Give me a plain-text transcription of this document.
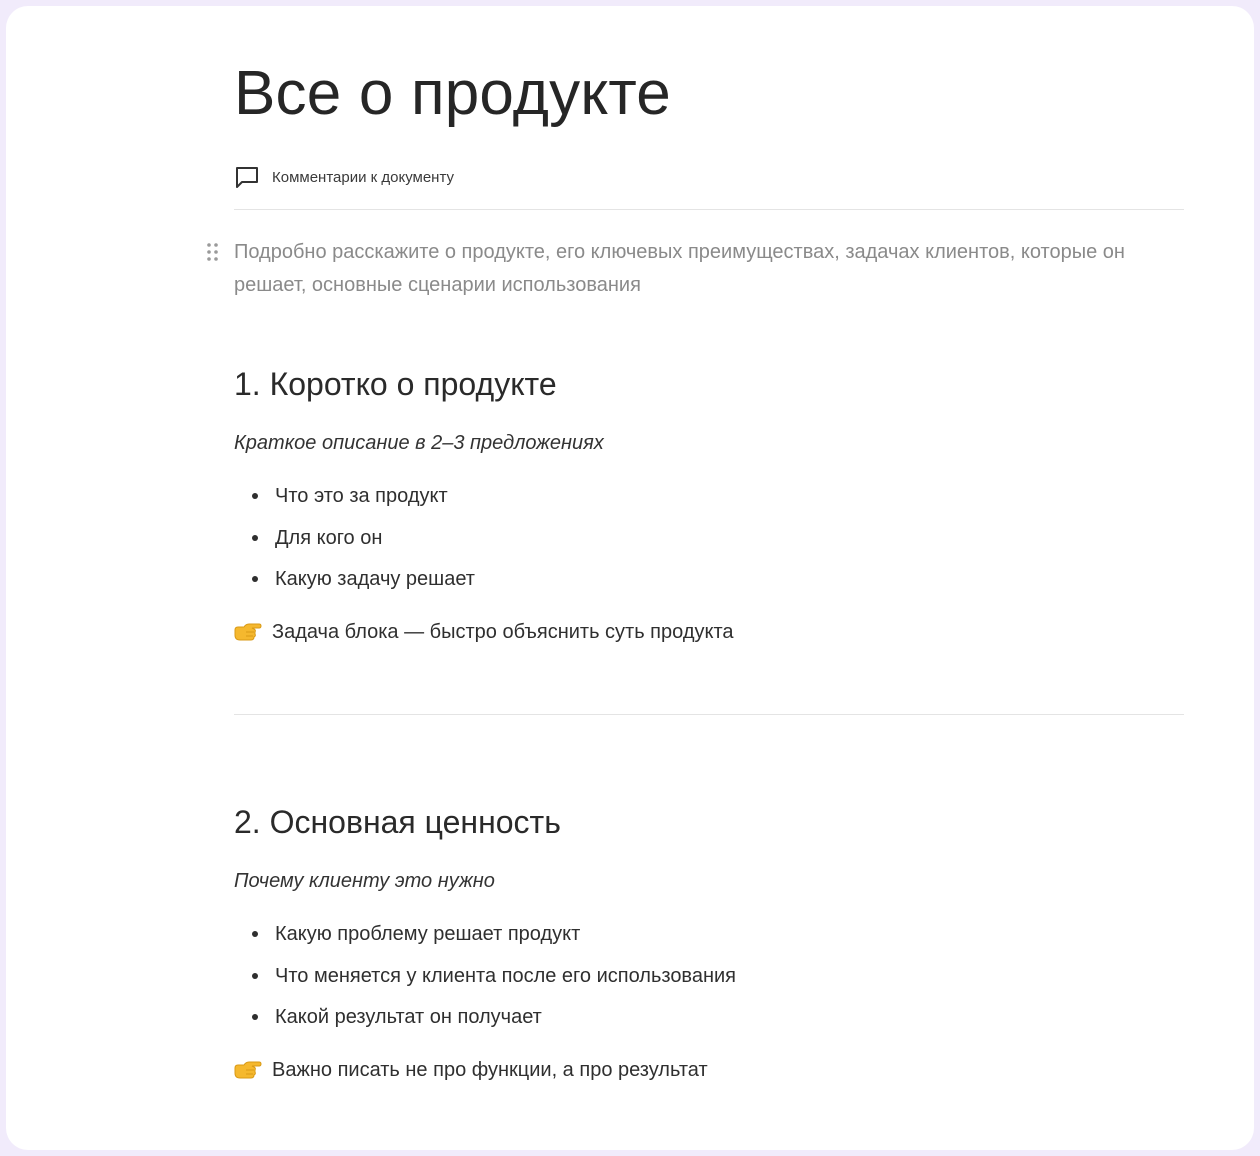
Все о продукте
Комментарии к документу
Подробно расскажите о продукте, его ключевых преимуществах, задачах клиентов, которые он решает, основные сценарии использования
1. Коротко о продукте
Краткое описание в 2–3 предложениях
Что это за продукт
Для кого он
Какую задачу решает
Задача блока — быстро объяснить суть продукта
2. Основная ценность
Почему клиенту это нужно
Какую проблему решает продукт
Что меняется у клиента после его использования
Какой результат он получает
Важно писать не про функции, а про результат
